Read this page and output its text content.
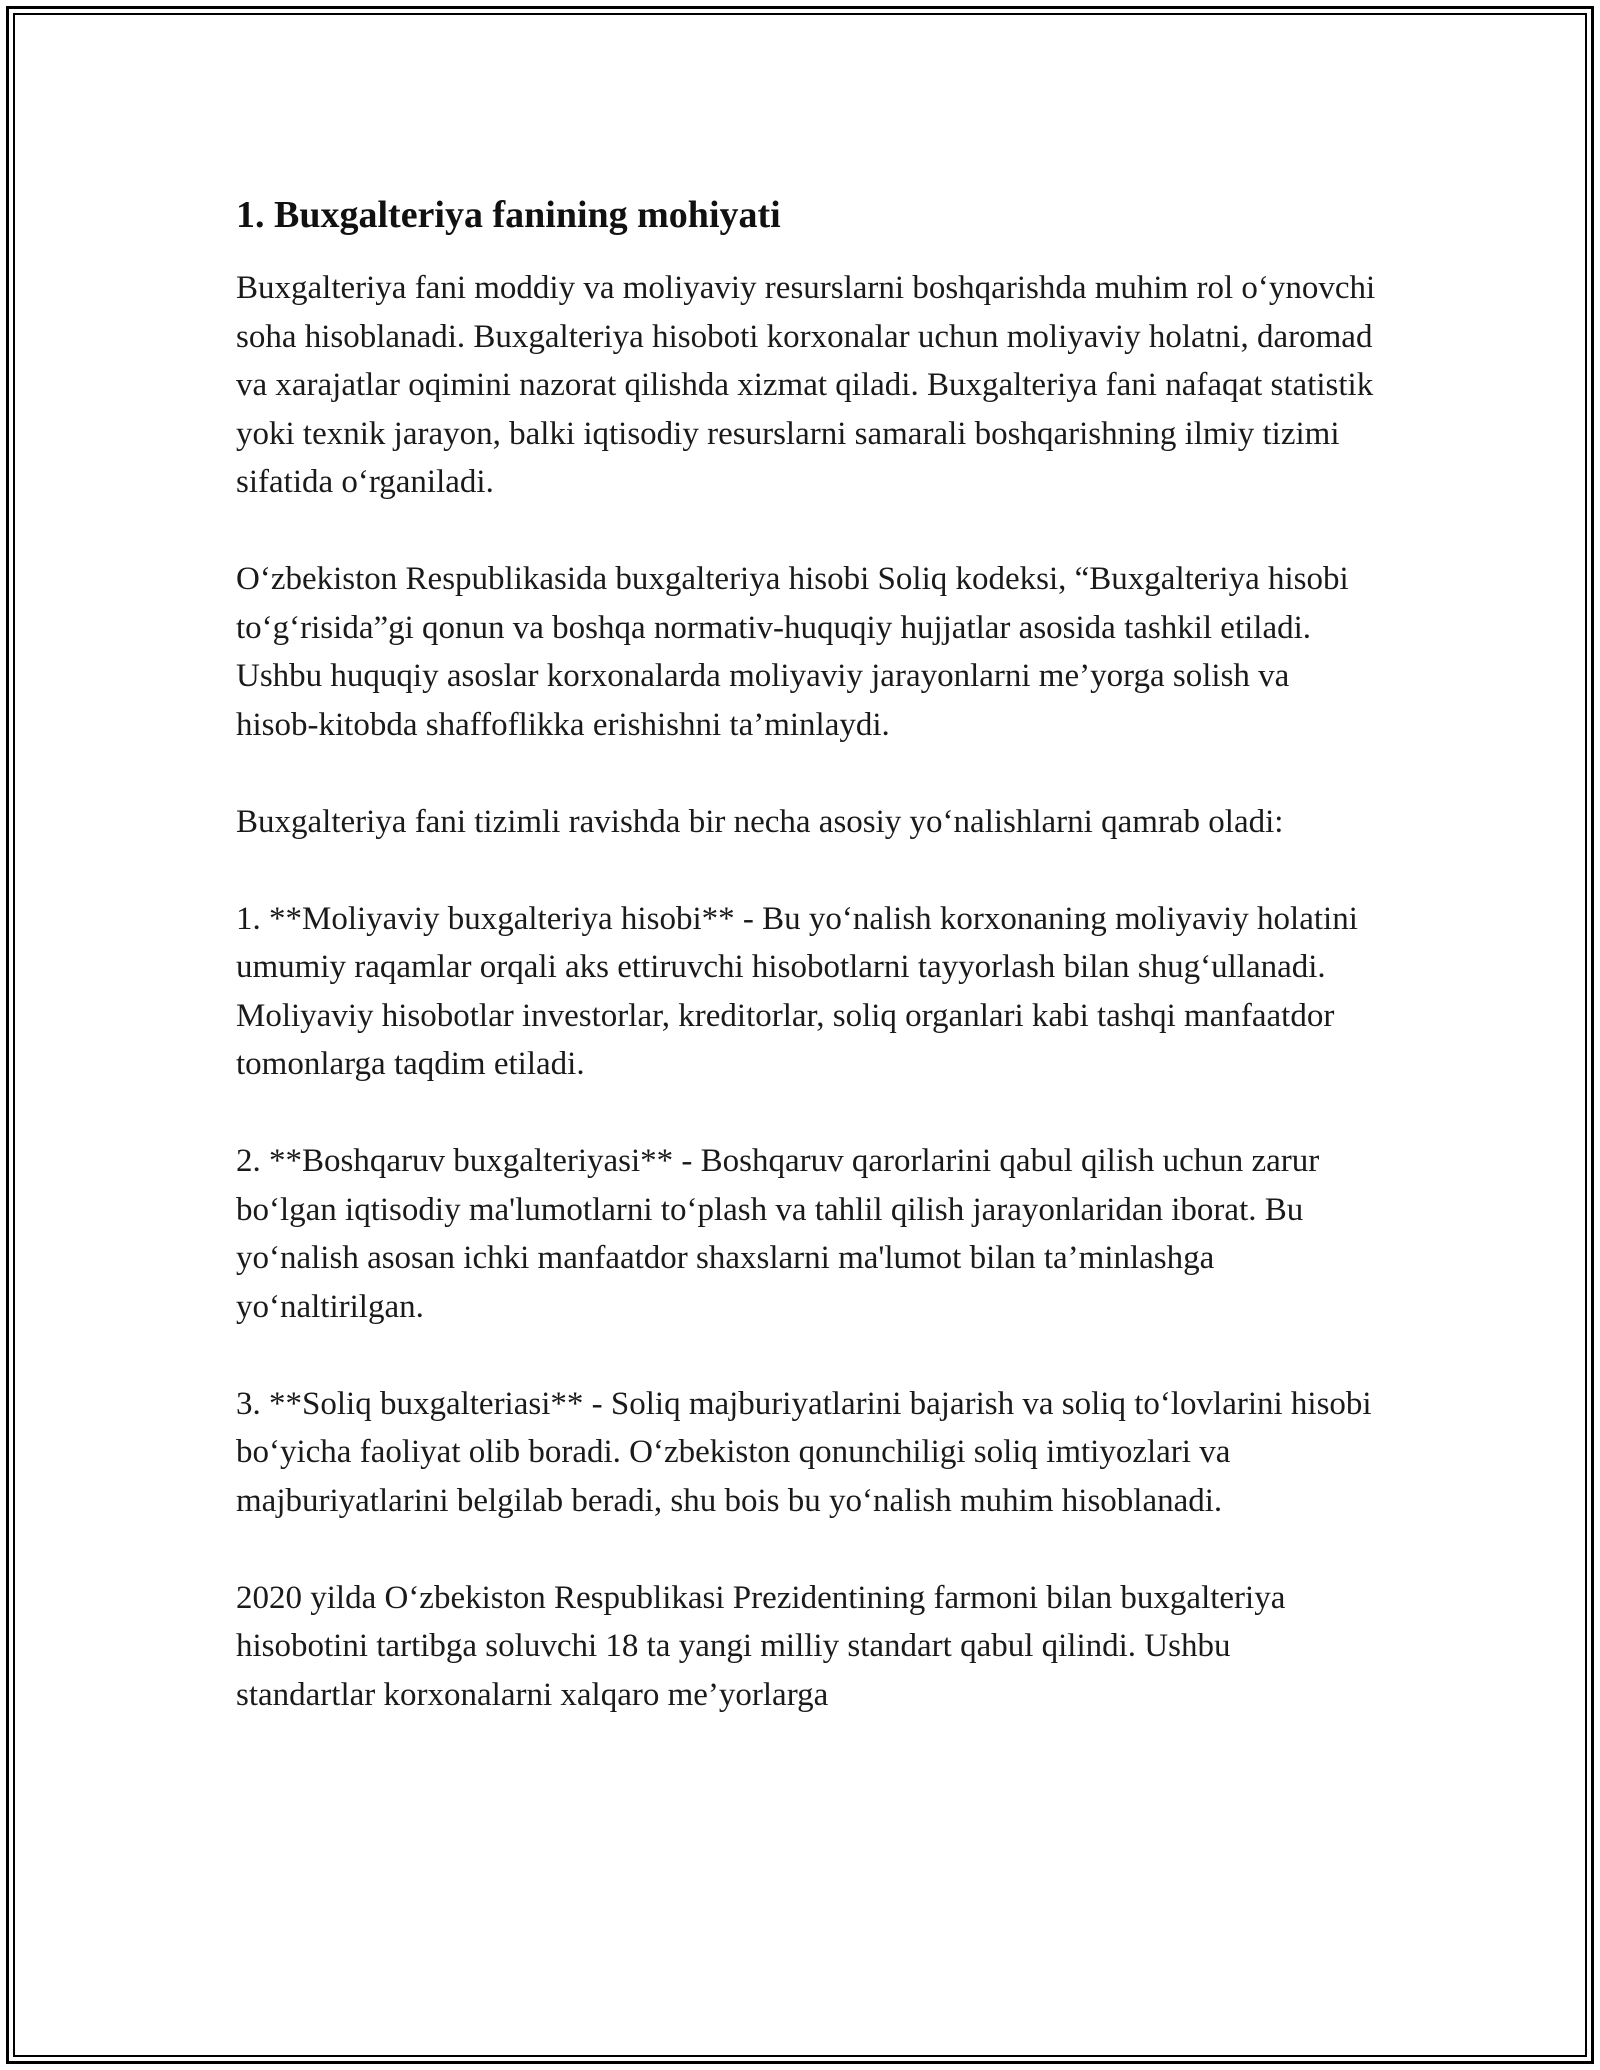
1. Buxgalteriya fanining mohiyati

Buxgalteriya fani moddiy va moliyaviy resurslarni boshqarishda muhim rol o‘ynovchi soha hisoblanadi. Buxgalteriya hisoboti korxonalar uchun moliyaviy holatni, daromad va xarajatlar oqimini nazorat qilishda xizmat qiladi. Buxgalteriya fani nafaqat statistik yoki texnik jarayon, balki iqtisodiy resurslarni samarali boshqarishning ilmiy tizimi sifatida o‘rganiladi.

O‘zbekiston Respublikasida buxgalteriya hisobi Soliq kodeksi, “Buxgalteriya hisobi to‘g‘risida”gi qonun va boshqa normativ-huquqiy hujjatlar asosida tashkil etiladi. Ushbu huquqiy asoslar korxonalarda moliyaviy jarayonlarni me’yorga solish va hisob-kitobda shaffoflikka erishishni ta’minlaydi.

Buxgalteriya fani tizimli ravishda bir necha asosiy yo‘nalishlarni qamrab oladi:

1. **Moliyaviy buxgalteriya hisobi** - Bu yo‘nalish korxonaning moliyaviy holatini umumiy raqamlar orqali aks ettiruvchi hisobotlarni tayyorlash bilan shug‘ullanadi. Moliyaviy hisobotlar investorlar, kreditorlar, soliq organlari kabi tashqi manfaatdor tomonlarga taqdim etiladi.

2. **Boshqaruv buxgalteriyasi** - Boshqaruv qarorlarini qabul qilish uchun zarur bo‘lgan iqtisodiy ma'lumotlarni to‘plash va tahlil qilish jarayonlaridan iborat. Bu yo‘nalish asosan ichki manfaatdor shaxslarni ma'lumot bilan ta’minlashga yo‘naltirilgan.

3. **Soliq buxgalteriasi** - Soliq majburiyatlarini bajarish va soliq to‘lovlarini hisobi bo‘yicha faoliyat olib boradi. O‘zbekiston qonunchiligi soliq imtiyozlari va majburiyatlarini belgilab beradi, shu bois bu yo‘nalish muhim hisoblanadi.

2020 yilda O‘zbekiston Respublikasi Prezidentining farmoni bilan buxgalteriya hisobotini tartibga soluvchi 18 ta yangi milliy standart qabul qilindi. Ushbu standartlar korxonalarni xalqaro me’yorlarga
